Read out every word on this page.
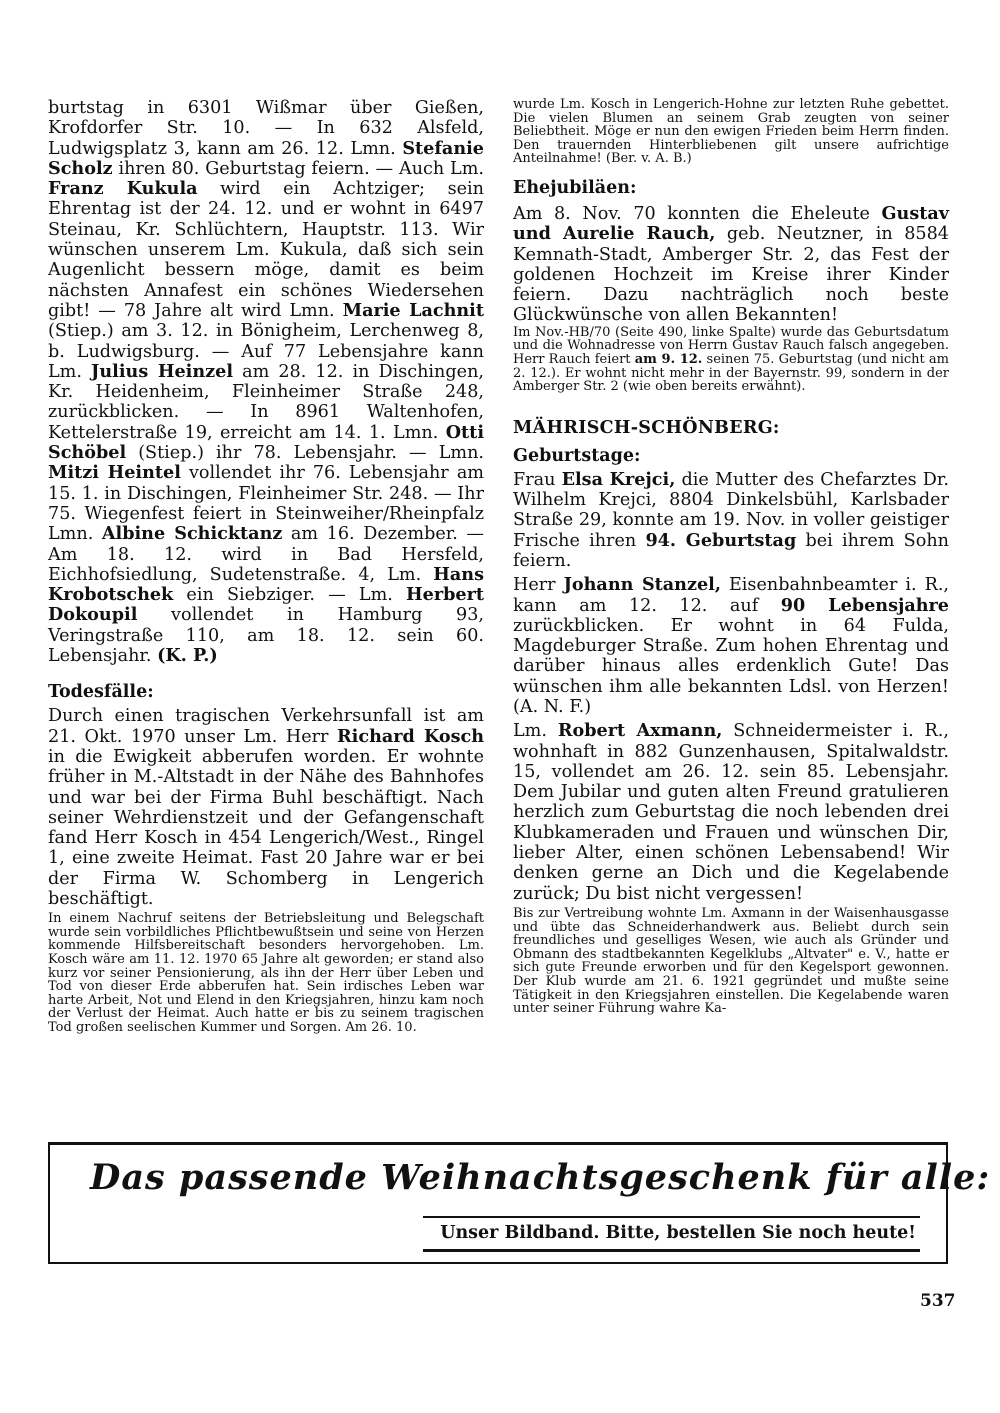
burtstag in 6301 Wißmar über Gießen, Krofdorfer Str. 10. — In 632 Alsfeld, Ludwigsplatz 3, kann am 26. 12. Lmn. Stefanie Scholz ihren 80. Geburtstag feiern. — Auch Lm. Franz Kukula wird ein Achtziger; sein Ehrentag ist der 24. 12. und er wohnt in 6497 Steinau, Kr. Schlüchtern, Hauptstr. 113. Wir wünschen unserem Lm. Kukula, daß sich sein Augenlicht bessern möge, damit es beim nächsten Annafest ein schönes Wiedersehen gibt! — 78 Jahre alt wird Lmn. Marie Lachnit (Stiep.) am 3. 12. in Bönigheim, Lerchenweg 8, b. Ludwigsburg. — Auf 77 Lebensjahre kann Lm. Julius Heinzel am 28. 12. in Dischingen, Kr. Heidenheim, Fleinheimer Straße 248, zurückblicken. — In 8961 Waltenhofen, Kettelerstraße 19, erreicht am 14. 1. Lmn. Otti Schöbel (Stiep.) ihr 78. Lebensjahr. — Lmn. Mitzi Heintel vollendet ihr 76. Lebensjahr am 15. 1. in Dischingen, Fleinheimer Str. 248. — Ihr 75. Wiegenfest feiert in Steinweiher/Rheinpfalz Lmn. Albine Schicktanz am 16. Dezember. — Am 18. 12. wird in Bad Hersfeld, Eichhofsiedlung, Sudetenstraße. 4, Lm. Hans Krobotschek ein Siebziger. — Lm. Herbert Dokoupil vollendet in Hamburg 93, Veringstraße 110, am 18. 12. sein 60. Lebensjahr. (K. P.)

Todesfälle:

Durch einen tragischen Verkehrsunfall ist am 21. Okt. 1970 unser Lm. Herr Richard Kosch in die Ewigkeit abberufen worden. Er wohnte früher in M.-Altstadt in der Nähe des Bahnhofes und war bei der Firma Buhl beschäftigt. Nach seiner Wehrdienstzeit und der Gefangenschaft fand Herr Kosch in 454 Lengerich/West., Ringel 1, eine zweite Heimat. Fast 20 Jahre war er bei der Firma W. Schomberg in Lengerich beschäftigt.

In einem Nachruf seitens der Betriebsleitung und Belegschaft wurde sein vorbildliches Pflichtbewußtsein und seine von Herzen kommende Hilfsbereitschaft besonders hervorgehoben. Lm. Kosch wäre am 11. 12. 1970 65 Jahre alt geworden; er stand also kurz vor seiner Pensionierung, als ihn der Herr über Leben und Tod von dieser Erde abberufen hat. Sein irdisches Leben war harte Arbeit, Not und Elend in den Kriegsjahren, hinzu kam noch der Verlust der Heimat. Auch hatte er bis zu seinem tragischen Tod großen seelischen Kummer und Sorgen. Am 26. 10.

wurde Lm. Kosch in Lengerich-Hohne zur letzten Ruhe gebettet. Die vielen Blumen an seinem Grab zeugten von seiner Beliebtheit. Möge er nun den ewigen Frieden beim Herrn finden. Den trauernden Hinterbliebenen gilt unsere aufrichtige Anteilnahme! (Ber. v. A. B.)

Ehejubiläen:

Am 8. Nov. 70 konnten die Eheleute Gustav und Aurelie Rauch, geb. Neutzner, in 8584 Kemnath-Stadt, Amberger Str. 2, das Fest der goldenen Hochzeit im Kreise ihrer Kinder feiern. Dazu nachträglich noch beste Glückwünsche von allen Bekannten!

Im Nov.-HB/70 (Seite 490, linke Spalte) wurde das Geburtsdatum und die Wohnadresse von Herrn Gustav Rauch falsch angegeben. Herr Rauch feiert am 9. 12. seinen 75. Geburtstag (und nicht am 2. 12.). Er wohnt nicht mehr in der Bayernstr. 99, sondern in der Amberger Str. 2 (wie oben bereits erwähnt).

MÄHRISCH-SCHÖNBERG:

Geburtstage:

Frau Elsa Krejci, die Mutter des Chefarztes Dr. Wilhelm Krejci, 8804 Dinkelsbühl, Karlsbader Straße 29, konnte am 19. Nov. in voller geistiger Frische ihren 94. Geburtstag bei ihrem Sohn feiern.

Herr Johann Stanzel, Eisenbahnbeamter i. R., kann am 12. 12. auf 90 Lebensjahre zurückblicken. Er wohnt in 64 Fulda, Magdeburger Straße. Zum hohen Ehrentag und darüber hinaus alles erdenklich Gute! Das wünschen ihm alle bekannten Ldsl. von Herzen! (A. N. F.)

Lm. Robert Axmann, Schneidermeister i. R., wohnhaft in 882 Gunzenhausen, Spitalwaldstr. 15, vollendet am 26. 12. sein 85. Lebensjahr. Dem Jubilar und guten alten Freund gratulieren herzlich zum Geburtstag die noch lebenden drei Klubkameraden und Frauen und wünschen Dir, lieber Alter, einen schönen Lebensabend! Wir denken gerne an Dich und die Kegelabende zurück; Du bist nicht vergessen!

Bis zur Vertreibung wohnte Lm. Axmann in der Waisenhausgasse und übte das Schneiderhandwerk aus. Beliebt durch sein freundliches und geselliges Wesen, wie auch als Gründer und Obmann des stadtbekannten Kegelklubs „Altvater" e. V., hatte er sich gute Freunde erworben und für den Kegelsport gewonnen. Der Klub wurde am 21. 6. 1921 gegründet und mußte seine Tätigkeit in den Kriegsjahren einstellen. Die Kegelabende waren unter seiner Führung wahre Ka-

Das passende Weihnachtsgeschenk für alle:
Unser Bildband. Bitte, bestellen Sie noch heute!
537
